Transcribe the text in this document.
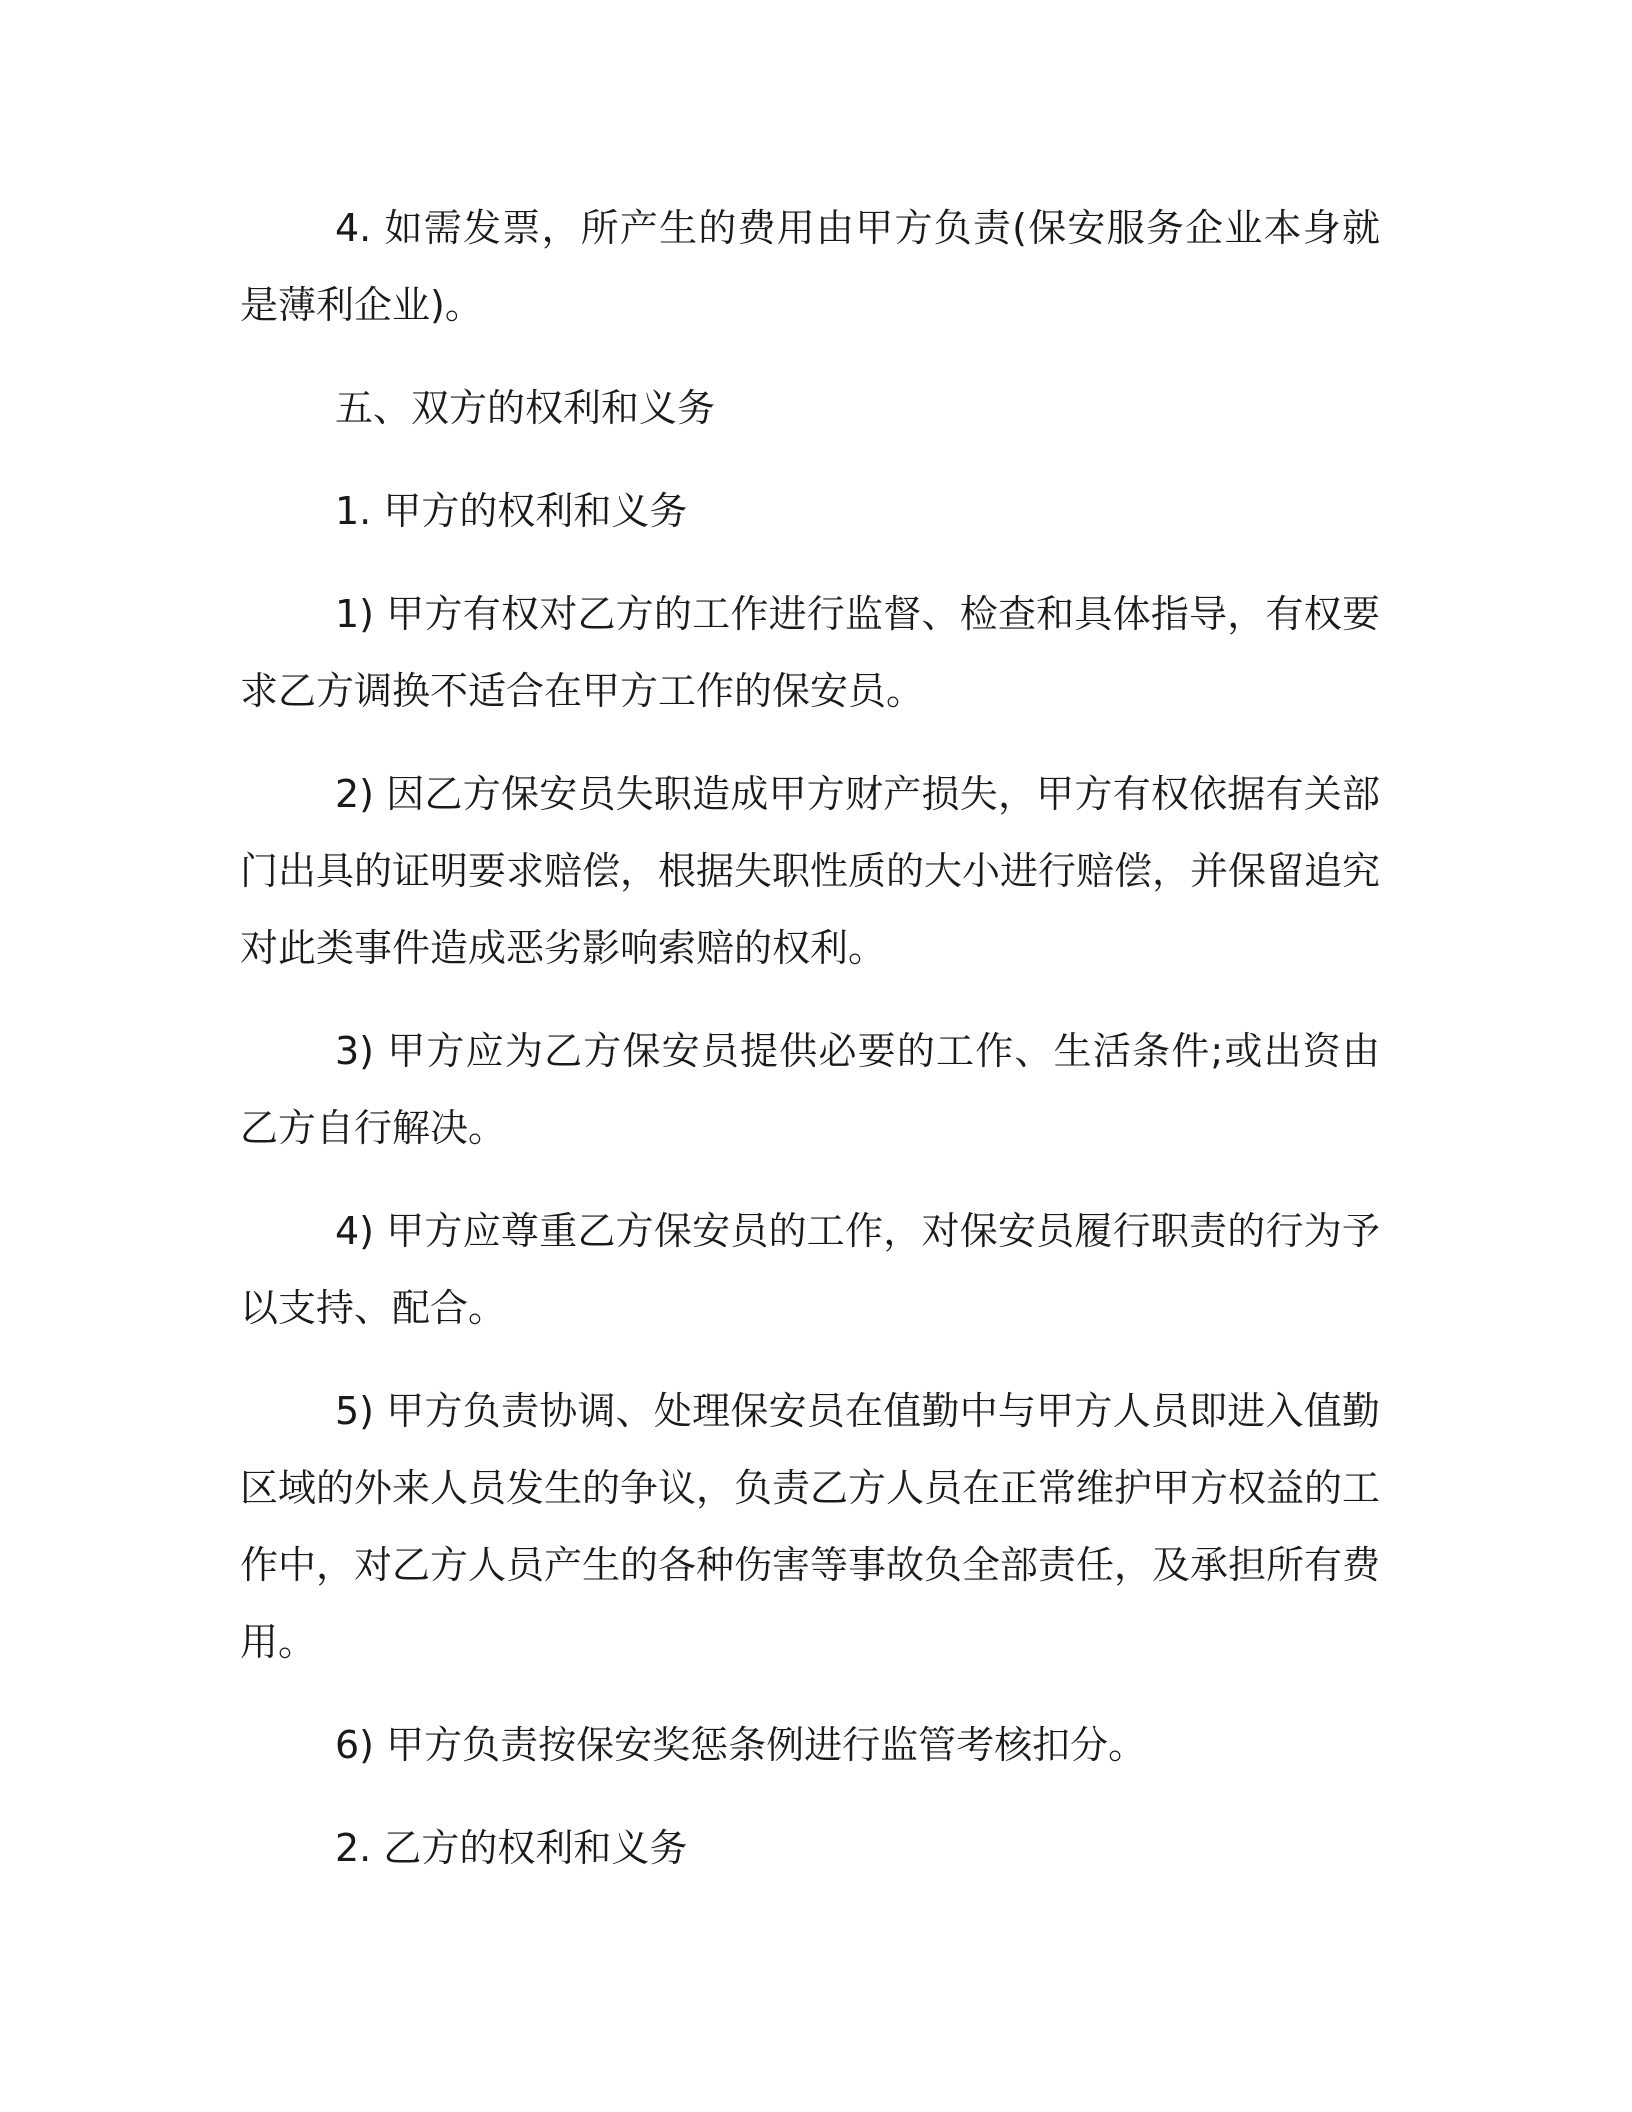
4. 如需发票，所产生的费用由甲方负责(保安服务企业本身就是薄利企业)。

五、双方的权利和义务

1. 甲方的权利和义务

1) 甲方有权对乙方的工作进行监督、检查和具体指导，有权要求乙方调换不适合在甲方工作的保安员。

2) 因乙方保安员失职造成甲方财产损失，甲方有权依据有关部门出具的证明要求赔偿，根据失职性质的大小进行赔偿，并保留追究对此类事件造成恶劣影响索赔的权利。

3) 甲方应为乙方保安员提供必要的工作、生活条件;或出资由乙方自行解决。

4) 甲方应尊重乙方保安员的工作，对保安员履行职责的行为予以支持、配合。

5) 甲方负责协调、处理保安员在值勤中与甲方人员即进入值勤区域的外来人员发生的争议，负责乙方人员在正常维护甲方权益的工作中，对乙方人员产生的各种伤害等事故负全部责任，及承担所有费用。

6) 甲方负责按保安奖惩条例进行监管考核扣分。

2. 乙方的权利和义务
